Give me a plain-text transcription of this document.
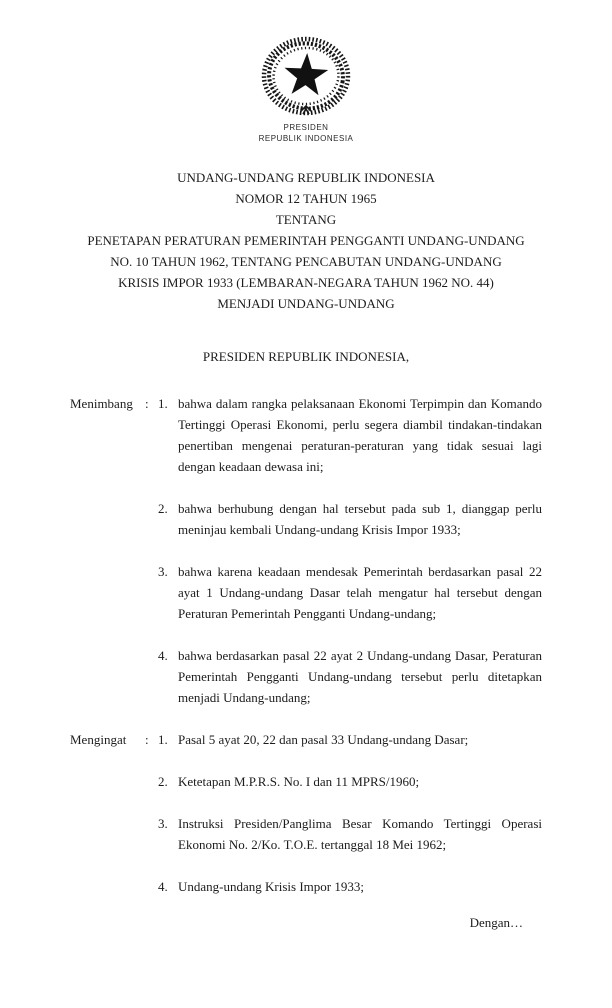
PRESIDEN
REPUBLIK INDONESIA
UNDANG-UNDANG REPUBLIK INDONESIA
NOMOR 12 TAHUN 1965
TENTANG
PENETAPAN PERATURAN PEMERINTAH PENGGANTI UNDANG-UNDANG
NO. 10 TAHUN 1962, TENTANG PENCABUTAN UNDANG-UNDANG
KRISIS IMPOR 1933 (LEMBARAN-NEGARA TAHUN 1962 NO. 44)
MENJADI UNDANG-UNDANG
PRESIDEN REPUBLIK INDONESIA,
Menimbang : 1. bahwa dalam rangka pelaksanaan Ekonomi Terpimpin dan Komando Tertinggi Operasi Ekonomi, perlu segera diambil tindakan-tindakan penertiban mengenai peraturan-peraturan yang tidak sesuai lagi dengan keadaan dewasa ini;
2. bahwa berhubung dengan hal tersebut pada sub 1, dianggap perlu meninjau kembali Undang-undang Krisis Impor 1933;
3. bahwa karena keadaan mendesak Pemerintah berdasarkan pasal 22 ayat 1 Undang-undang Dasar telah mengatur hal tersebut dengan Peraturan Pemerintah Pengganti Undang-undang;
4. bahwa berdasarkan pasal 22 ayat 2 Undang-undang Dasar, Peraturan Pemerintah Pengganti Undang-undang tersebut perlu ditetapkan menjadi Undang-undang;
Mengingat	: 1. Pasal 5 ayat 20, 22 dan pasal 33 Undang-undang Dasar;
2. Ketetapan M.P.R.S. No. I dan 11 MPRS/1960;
3. Instruksi Presiden/Panglima Besar Komando Tertinggi Operasi Ekonomi No. 2/Ko. T.O.E. tertanggal 18 Mei 1962;
4. Undang-undang Krisis Impor 1933;
Dengan…
